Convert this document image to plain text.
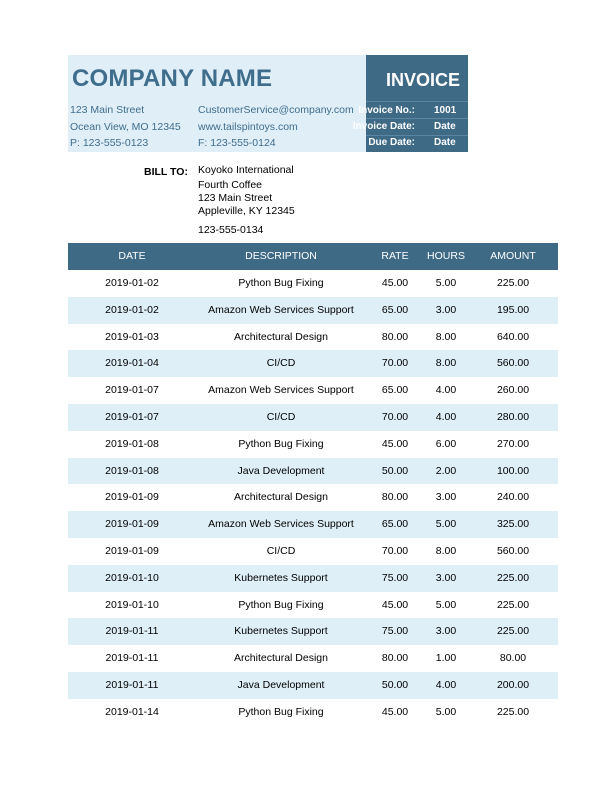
COMPANY NAME
123 Main Street
Ocean View, MO 12345
P: 123-555-0123
CustomerService@company.com
www.tailspintoys.com
F: 123-555-0124
INVOICE
Invoice No.: 1001
Invoice Date: Date
Due Date: Date
BILL TO: Koyoko International
Fourth Coffee
123 Main Street
Appleville, KY 12345
123-555-0134
DATE	DESCRIPTION	RATE	HOURS	AMOUNT
2019-01-02	Python Bug Fixing	45.00	5.00	225.00
2019-01-02	Amazon Web Services Support	65.00	3.00	195.00
2019-01-03	Architectural Design	80.00	8.00	640.00
2019-01-04	CI/CD	70.00	8.00	560.00
2019-01-07	Amazon Web Services Support	65.00	4.00	260.00
2019-01-07	CI/CD	70.00	4.00	280.00
2019-01-08	Python Bug Fixing	45.00	6.00	270.00
2019-01-08	Java Development	50.00	2.00	100.00
2019-01-09	Architectural Design	80.00	3.00	240.00
2019-01-09	Amazon Web Services Support	65.00	5.00	325.00
2019-01-09	CI/CD	70.00	8.00	560.00
2019-01-10	Kubernetes Support	75.00	3.00	225.00
2019-01-10	Python Bug Fixing	45.00	5.00	225.00
2019-01-11	Kubernetes Support	75.00	3.00	225.00
2019-01-11	Architectural Design	80.00	1.00	80.00
2019-01-11	Java Development	50.00	4.00	200.00
2019-01-14	Python Bug Fixing	45.00	5.00	225.00
